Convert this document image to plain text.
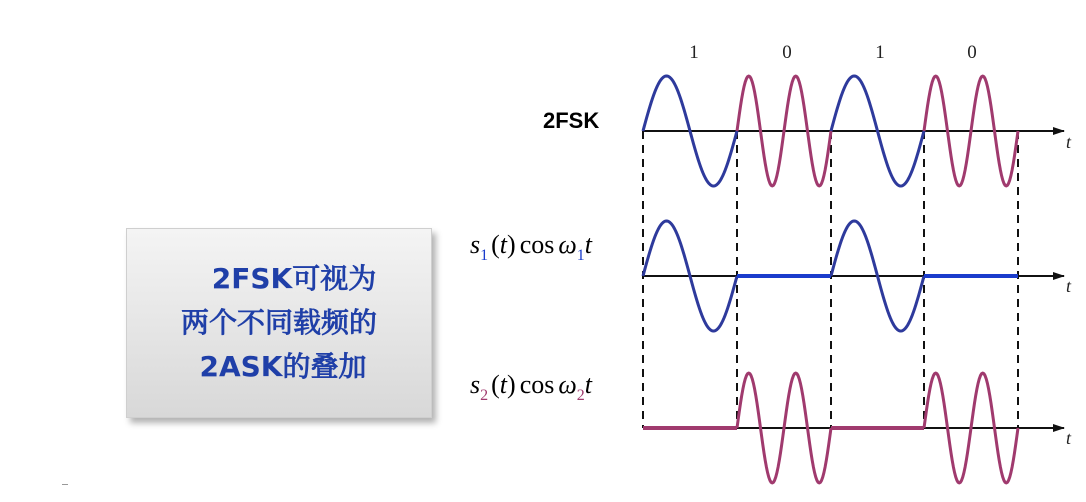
2FSK可视为
两个不同载频的
2ASK的叠加
1	0	1	0
2FSK
$s_1$ (t) $\cos \omega_1t$
$s_2$ (t) $\cos \omega_2t$
t
t
t
